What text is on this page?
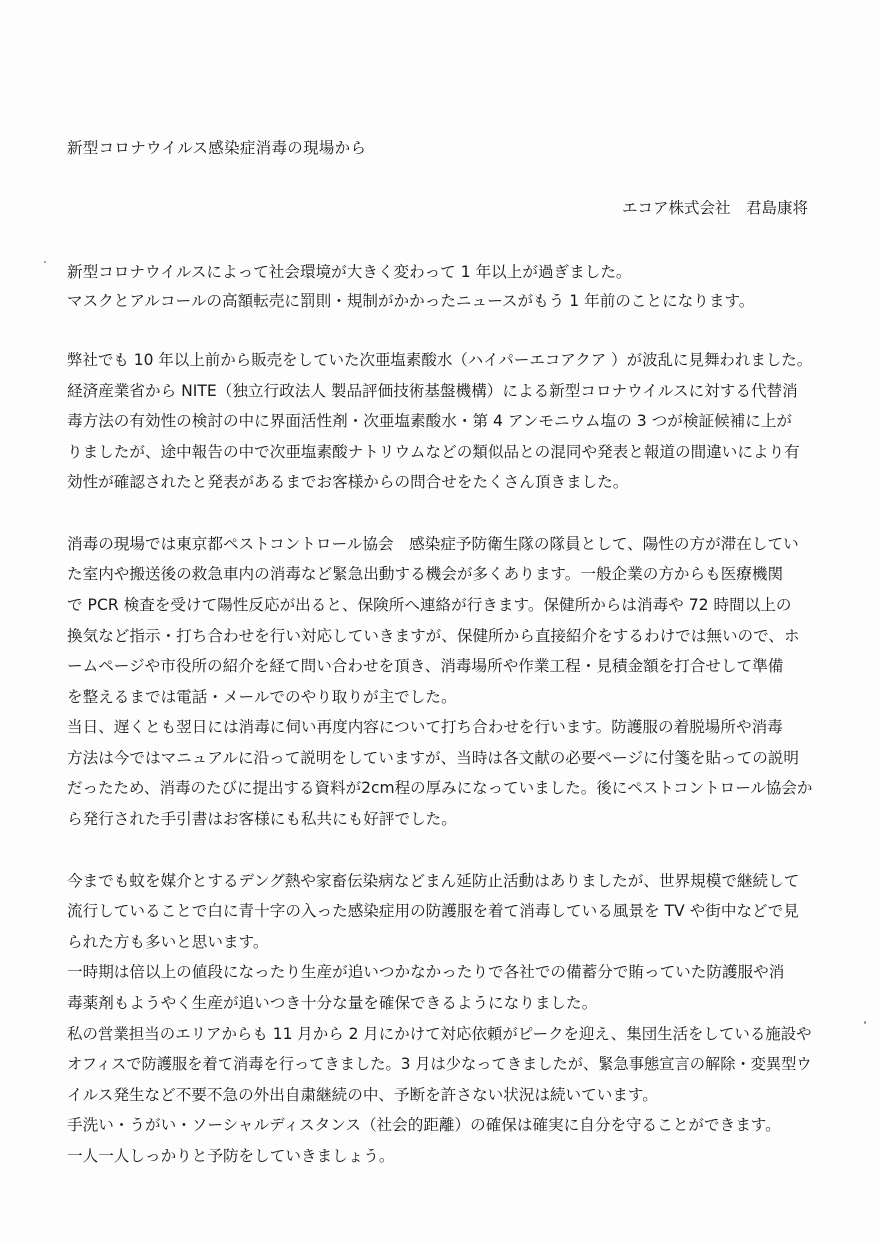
新型コロナウイルス感染症消毒の現場から
エコア株式会社　君島康将
新型コロナウイルスによって社会環境が大きく変わって 1 年以上が過ぎました。
マスクとアルコールの高額転売に罰則・規制がかかったニュースがもう 1 年前のことになります。
弊社でも 10 年以上前から販売をしていた次亜塩素酸水（ハイパーエコアクア ）が波乱に見舞われました。
経済産業省から NITE（独立行政法人 製品評価技術基盤機構）による新型コロナウイルスに対する代替消
毒方法の有効性の検討の中に界面活性剤・次亜塩素酸水・第 4 アンモニウム塩の 3 つが検証候補に上が
りましたが、途中報告の中で次亜塩素酸ナトリウムなどの類似品との混同や発表と報道の間違いにより有
効性が確認されたと発表があるまでお客様からの問合せをたくさん頂きました。
消毒の現場では東京都ペストコントロール協会　感染症予防衛生隊の隊員として、陽性の方が滞在してい
た室内や搬送後の救急車内の消毒など緊急出動する機会が多くあります。一般企業の方からも医療機関
で PCR 検査を受けて陽性反応が出ると、保険所へ連絡が行きます。保健所からは消毒や 72 時間以上の
換気など指示・打ち合わせを行い対応していきますが、保健所から直接紹介をするわけでは無いので、ホ
ームページや市役所の紹介を経て問い合わせを頂き、消毒場所や作業工程・見積金額を打合せして準備
を整えるまでは電話・メールでのやり取りが主でした。
当日、遅くとも翌日には消毒に伺い再度内容について打ち合わせを行います。防護服の着脱場所や消毒
方法は今ではマニュアルに沿って説明をしていますが、当時は各文献の必要ページに付箋を貼っての説明
だったため、消毒のたびに提出する資料が2cm程の厚みになっていました。後にペストコントロール協会か
ら発行された手引書はお客様にも私共にも好評でした。
今までも蚊を媒介とするデング熱や家畜伝染病などまん延防止活動はありましたが、世界規模で継続して
流行していることで白に青十字の入った感染症用の防護服を着て消毒している風景を TV や街中などで見
られた方も多いと思います。
一時期は倍以上の値段になったり生産が追いつかなかったりで各社での備蓄分で賄っていた防護服や消
毒薬剤もようやく生産が追いつき十分な量を確保できるようになりました。
私の営業担当のエリアからも 11 月から 2 月にかけて対応依頼がピークを迎え、集団生活をしている施設や
オフィスで防護服を着て消毒を行ってきました。3 月は少なってきましたが、緊急事態宣言の解除・変異型ウ
イルス発生など不要不急の外出自粛継続の中、予断を許さない状況は続いています。
手洗い・うがい・ソーシャルディスタンス（社会的距離）の確保は確実に自分を守ることができます。
一人一人しっかりと予防をしていきましょう。
